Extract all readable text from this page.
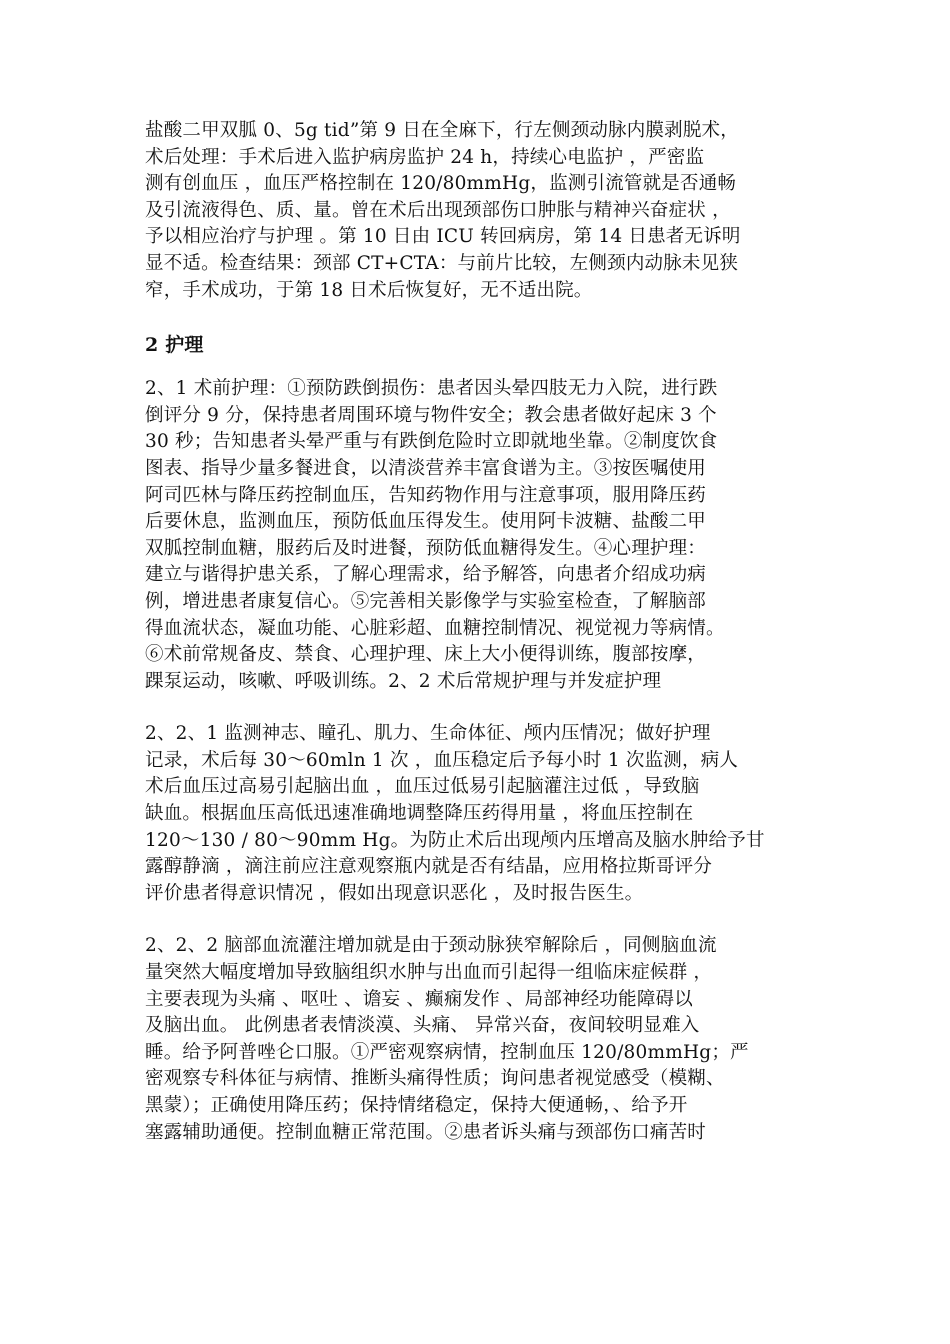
盐酸二甲双胍 0、5g tid”第 9 日在全麻下，行左侧颈动脉内膜剥脱术，
术后处理：手术后进入监护病房监护 24 h，持续心电监护 ，严密监
测有创血压 ，血压严格控制在 120/80mmHg，监测引流管就是否通畅
及引流液得色、质、量。曾在术后出现颈部伤口肿胀与精神兴奋症状 ，
予以相应治疗与护理 。第 10 日由 ICU 转回病房，第 14 日患者无诉明
显不适。检查结果：颈部 CT+CTA：与前片比较，左侧颈内动脉未见狭
窄，手术成功，于第 18 日术后恢复好，无不适出院。
2 护理
2、1 术前护理：①预防跌倒损伤：患者因头晕四肢无力入院，进行跌
倒评分 9 分，保持患者周围环境与物件安全；教会患者做好起床 3 个
30 秒；告知患者头晕严重与有跌倒危险时立即就地坐靠。②制度饮食
图表、指导少量多餐进食，以清淡营养丰富食谱为主。③按医嘱使用
阿司匹林与降压药控制血压，告知药物作用与注意事项，服用降压药
后要休息，监测血压，预防低血压得发生。使用阿卡波糖、盐酸二甲
双胍控制血糖，服药后及时进餐，预防低血糖得发生。④心理护理：
建立与谐得护患关系，了解心理需求，给予解答，向患者介绍成功病
例，增进患者康复信心。⑤完善相关影像学与实验室检查，了解脑部
得血流状态，凝血功能、心脏彩超、血糖控制情况、视觉视力等病情。
⑥术前常规备皮、禁食、心理护理、床上大小便得训练，腹部按摩，
踝泵运动，咳嗽、呼吸训练。2、2 术后常规护理与并发症护理
2、2、1 监测神志、瞳孔、肌力、生命体征、颅内压情况；做好护理
记录，术后每 30～60mln 1 次 ，血压稳定后予每小时 1 次监测，病人
术后血压过高易引起脑出血 ，血压过低易引起脑灌注过低 ，导致脑
缺血。根据血压高低迅速准确地调整降压药得用量 ，将血压控制在
120～130 / 80～90mm Hg。为防止术后出现颅内压增高及脑水肿给予甘
露醇静滴 ，滴注前应注意观察瓶内就是否有结晶，应用格拉斯哥评分
评价患者得意识情况 ，假如出现意识恶化 ，及时报告医生。
2、2、2 脑部血流灌注增加就是由于颈动脉狭窄解除后 ，同侧脑血流
量突然大幅度增加导致脑组织水肿与出血而引起得一组临床症候群 ，
主要表现为头痛 、呕吐 、谵妄 、癫痫发作 、局部神经功能障碍以
及脑出血。 此例患者表情淡漠、头痛、 异常兴奋，夜间较明显难入
睡。给予阿普唑仑口服。①严密观察病情，控制血压 120/80mmHg；严
密观察专科体征与病情、推断头痛得性质；询问患者视觉感受（模糊、
黑蒙）；正确使用降压药；保持情绪稳定，保持大便通畅，、给予开
塞露辅助通便。控制血糖正常范围。②患者诉头痛与颈部伤口痛苦时
